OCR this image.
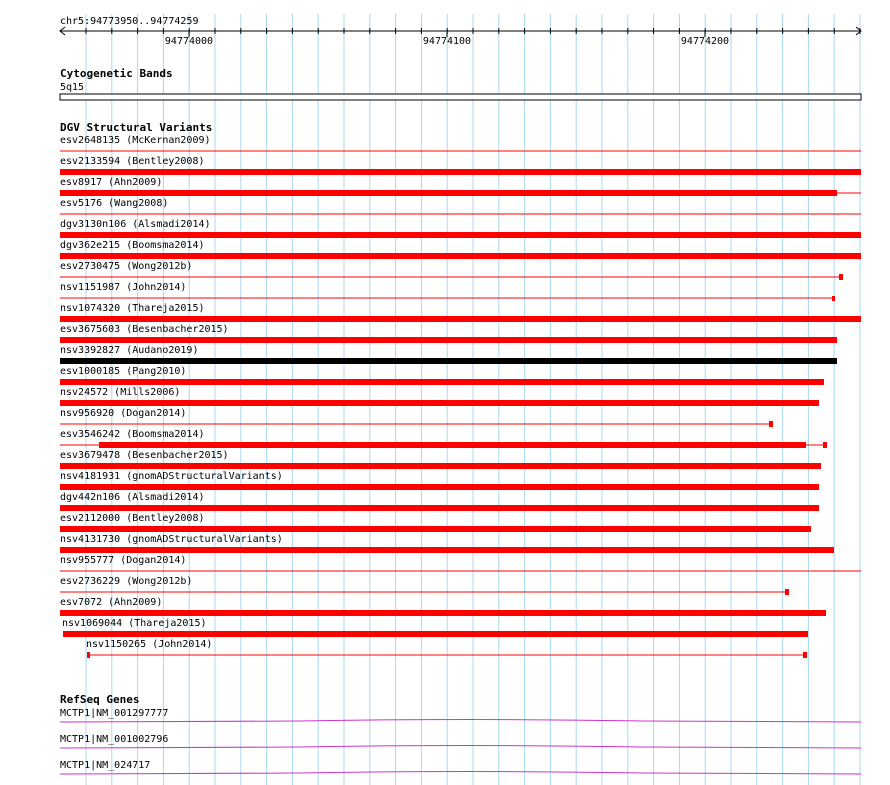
chr5:94773950..94774259
94774000	94774100	94774200
Cytogenetic Bands
5q15
DGV Structural Variants
esv2648135 (McKernan2009)
esv2133594 (Bentley2008)
esv8917 (Ahn2009)
esv5176 (Wang2008)
dgv3130n106 (Alsmadi2014)
dgv362e215 (Boomsma2014)
esv2730475 (Wong2012b)
nsv1151987 (John2014)
nsv1074320 (Thareja2015)
esv3675603 (Besenbacher2015)
nsv3392827 (Audano2019)
esv1000185 (Pang2010)
nsv24572 (Mills2006)
nsv956920 (Dogan2014)
esv3546242 (Boomsma2014)
esv3679478 (Besenbacher2015)
nsv4181931 (gnomADStructuralVariants)
dgv442n106 (Alsmadi2014)
esv2112000 (Bentley2008)
nsv4131730 (gnomADStructuralVariants)
nsv955777 (Dogan2014)
esv2736229 (Wong2012b)
esv7072 (Ahn2009)
nsv1069044 (Thareja2015)
nsv1150265 (John2014)
RefSeq Genes
MCTP1|NM_001297777
MCTP1|NM_001002796
MCTP1|NM_024717
